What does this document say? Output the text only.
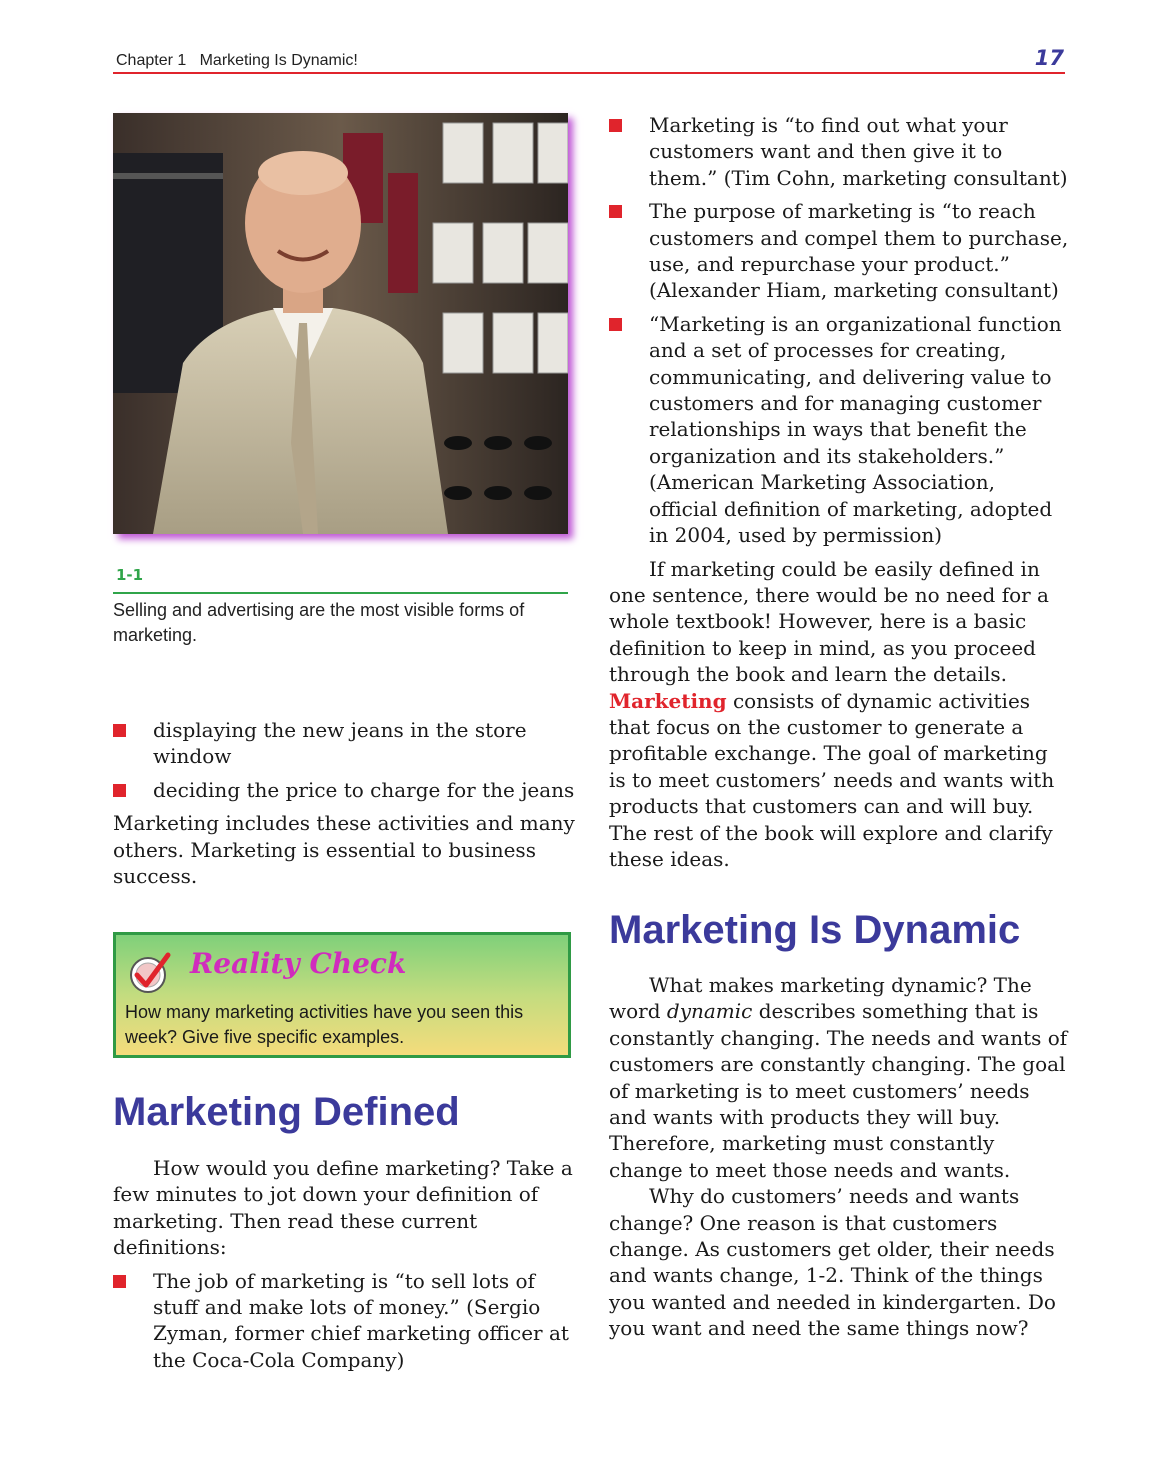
Chapter 1   Marketing Is Dynamic!	17
1-1
Selling and advertising are the most visible forms of marketing.
displaying the new jeans in the store window
deciding the price to charge for the jeans

Marketing includes these activities and many others. Marketing is essential to business success.

Reality Check
How many marketing activities have you seen this week? Give five specific examples.
Marketing Defined

How would you define marketing? Take a few minutes to jot down your definition of marketing. Then read these current definitions:

The job of marketing is “to sell lots of stuff and make lots of money.” (Sergio Zyman, former chief marketing officer at the Coca-Cola Company)
Marketing is “to find out what your customers want and then give it to them.” (Tim Cohn, marketing consultant)
The purpose of marketing is “to reach customers and compel them to purchase, use, and repurchase your product.” (Alexander Hiam, marketing consultant)
“Marketing is an organizational function and a set of processes for creating, communicating, and delivering value to customers and for managing customer relationships in ways that benefit the organization and its stakeholders.” (American Marketing Association, official definition of marketing, adopted in 2004, used by permission)

If marketing could be easily defined in one sentence, there would be no need for a whole textbook! However, here is a basic definition to keep in mind, as you proceed through the book and learn the details. Marketing consists of dynamic activities that focus on the customer to generate a profitable exchange. The goal of marketing is to meet customers’ needs and wants with products that customers can and will buy. The rest of the book will explore and clarify these ideas.

Marketing Is Dynamic

What makes marketing dynamic? The word dynamic describes something that is constantly changing. The needs and wants of customers are constantly changing. The goal of marketing is to meet customers’ needs and wants with products they will buy. Therefore, marketing must constantly change to meet those needs and wants.

Why do customers’ needs and wants change? One reason is that customers change. As customers get older, their needs and wants change, 1-2. Think of the things you wanted and needed in kindergarten. Do you want and need the same things now?
